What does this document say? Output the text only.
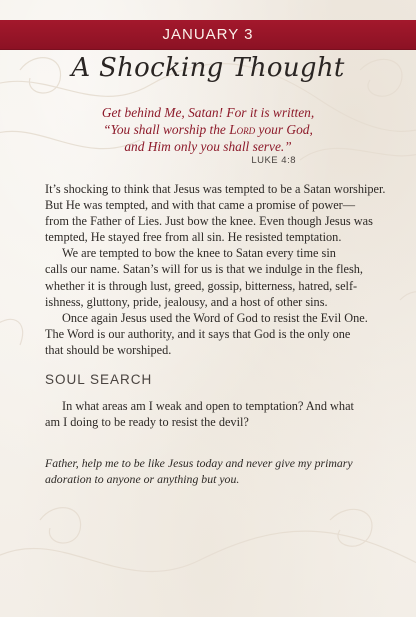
JANUARY 3
A Shocking Thought
Get behind Me, Satan! For it is written,
“You shall worship the Lord your God,
and Him only you shall serve.”
LUKE 4:8

It’s shocking to think that Jesus was tempted to be a Satan worshiper.

But He was tempted, and with that came a promise of power—

from the Father of Lies. Just bow the knee. Even though Jesus was

tempted, He stayed free from all sin. He resisted temptation.

We are tempted to bow the knee to Satan every time sin

calls our name. Satan’s will for us is that we indulge in the flesh,

whether it is through lust, greed, gossip, bitterness, hatred, self-

ishness, gluttony, pride, jealousy, and a host of other sins.

Once again Jesus used the Word of God to resist the Evil One.

The Word is our authority, and it says that God is the only one

that should be worshiped.

SOUL SEARCH

In what areas am I weak and open to temptation? And what

am I doing to be ready to resist the devil?

Father, help me to be like Jesus today and never give my primary

adoration to anyone or anything but you.
